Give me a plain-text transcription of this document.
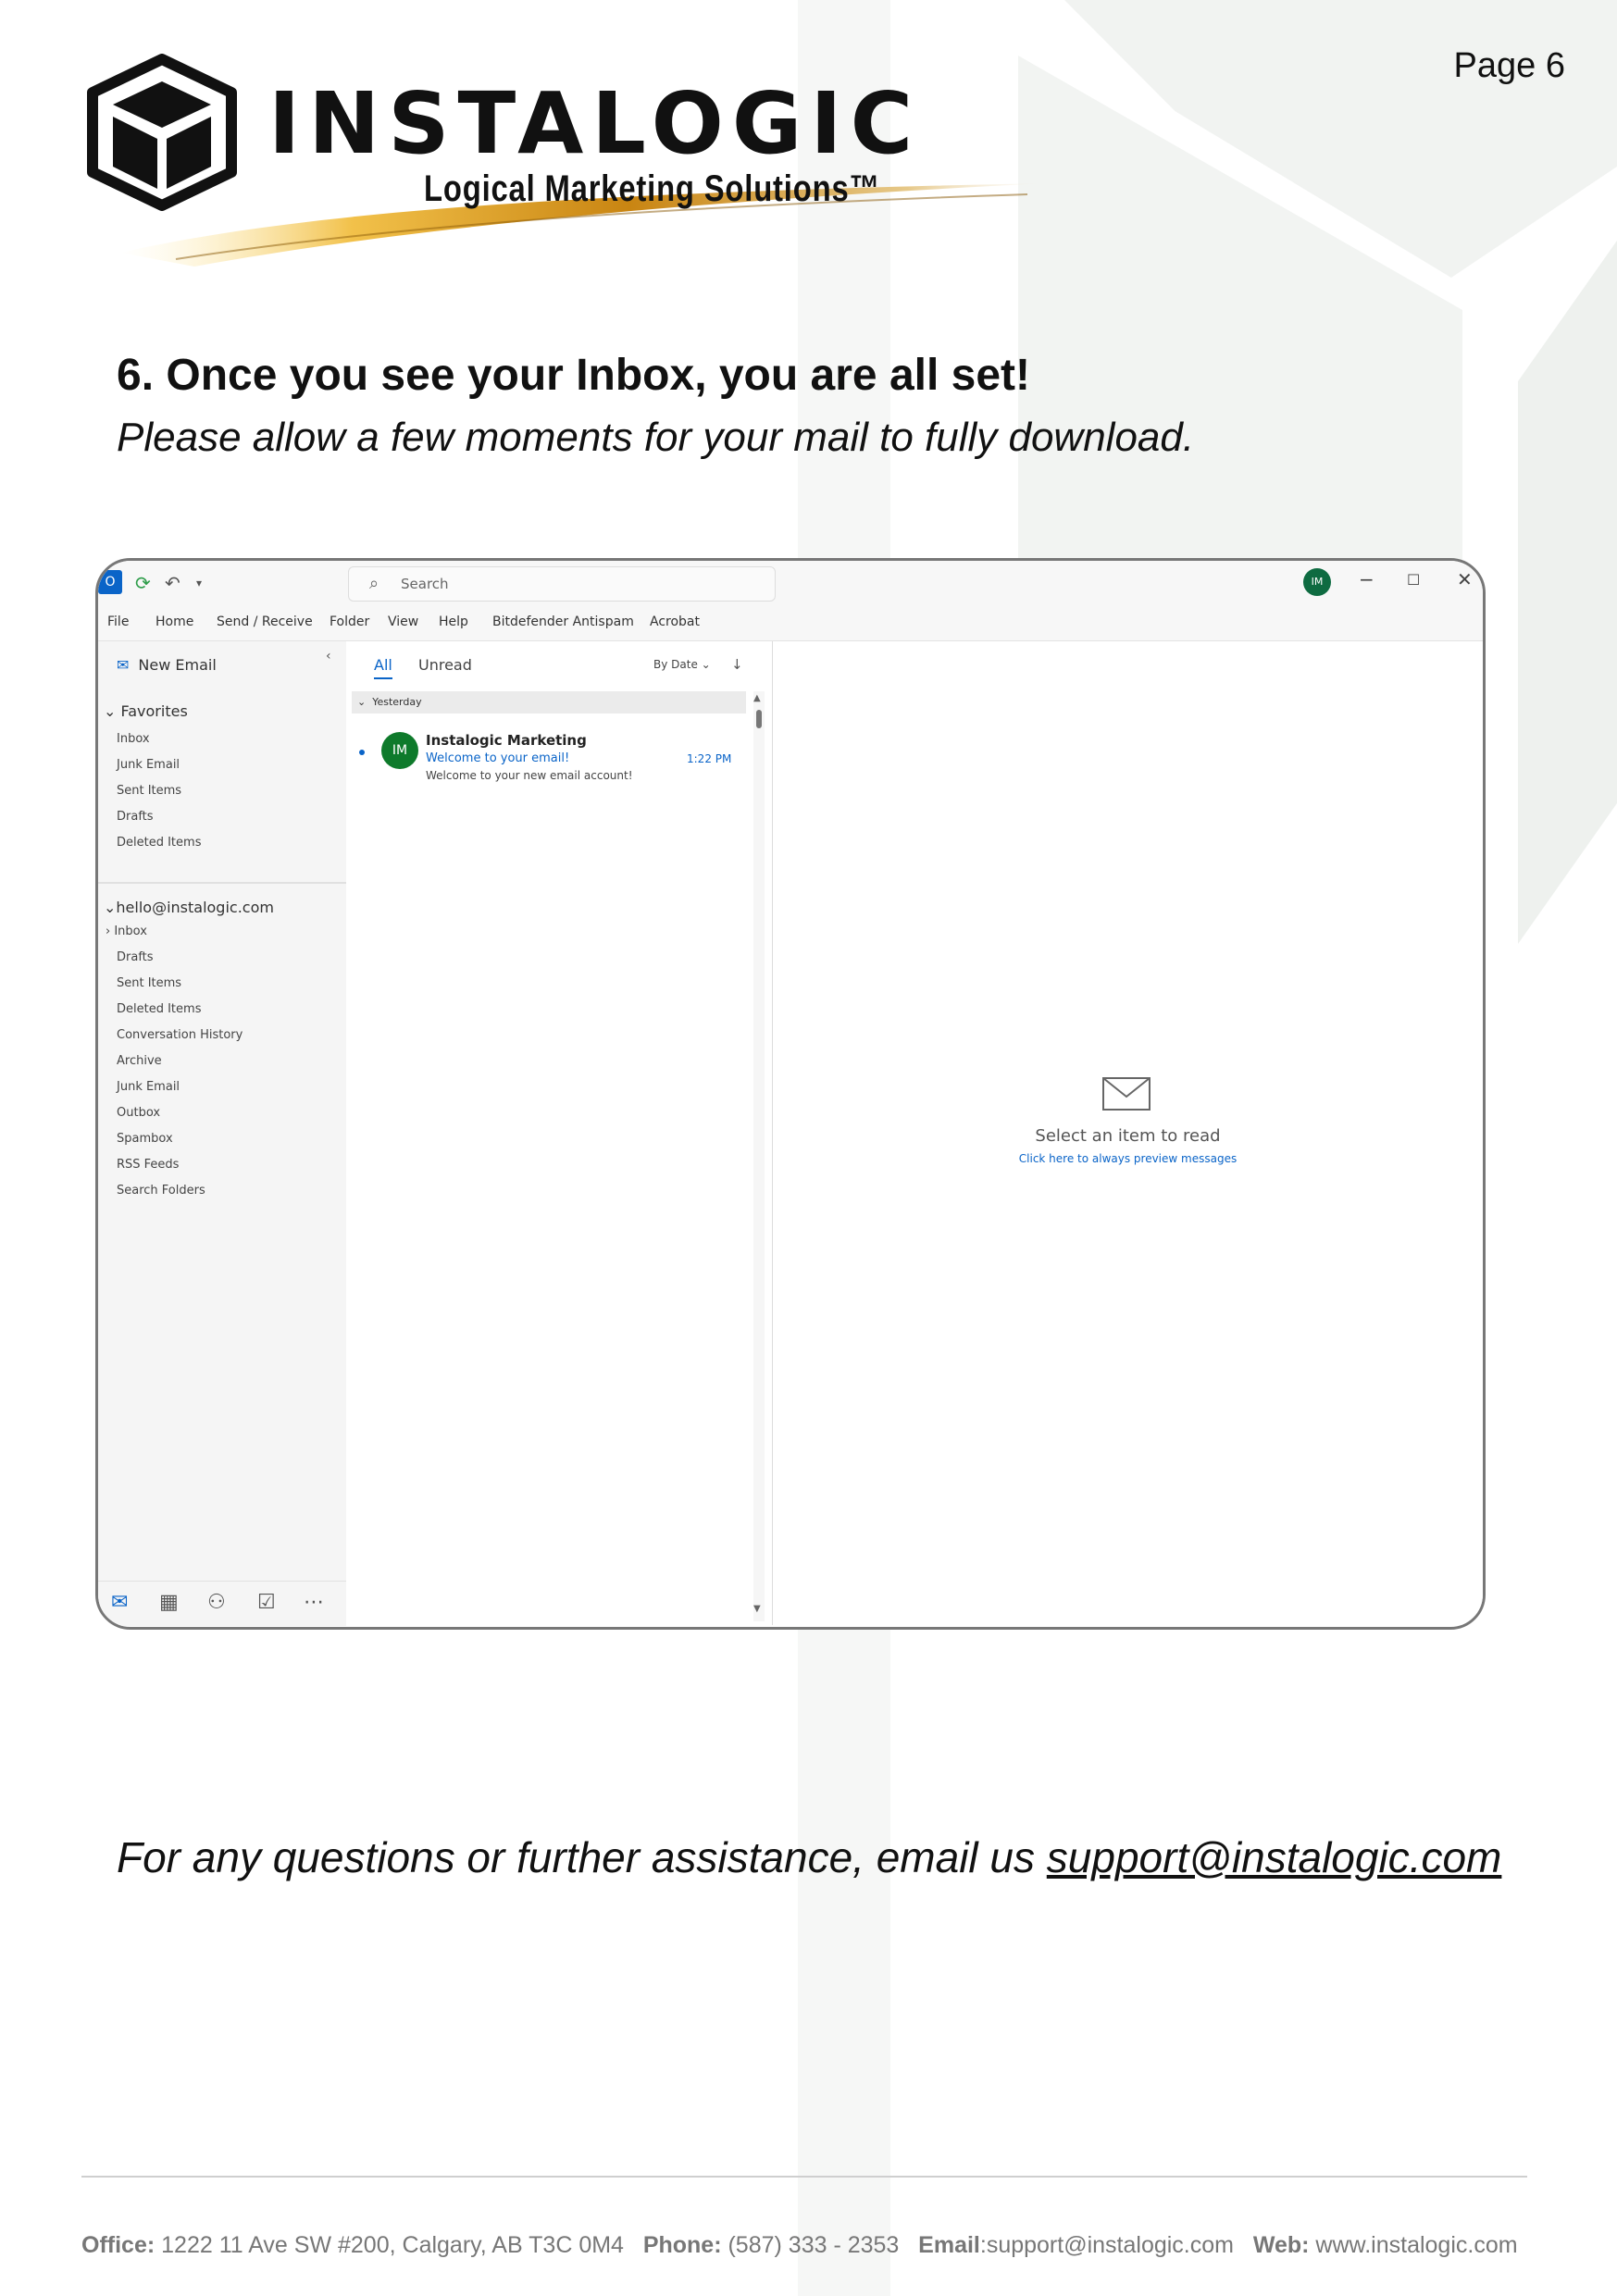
Page 6
INSTALOGIC
Logical Marketing Solutions™
6. Once you see your Inbox, you are all set!
Please allow a few moments for your mail to fully download.
O	⟳ ↶ ▾	⌕ Search	IM	− ☐ ✕
File Home Send / Receive Folder View Help Bitdefender Antispam Acrobat
✉ New Email	‹
⌄ Favorites
Inbox
Junk Email
Sent Items
Drafts
Deleted Items
⌄hello@instalogic.com
› Inbox
Drafts
Sent Items
Deleted Items
Conversation History
Archive
Junk Email
Outbox
Spambox
RSS Feeds
Search Folders
✉ ▦ ⚇ ☑ ⋯
All Unread	By Date ⌄ ↓
⌄ Yesterday
IM
Instalogic Marketing
Welcome to your email!	1:22 PM
Welcome to your new email account!
▲
▼
Select an item to read
Click here to always preview messages
For any questions or further assistance, email us support@instalogic.com
Office: 1222 11 Ave SW #200, Calgary, AB T3C 0M4 Phone: (587) 333 - 2353 Email:support@instalogic.com Web: www.instalogic.com
